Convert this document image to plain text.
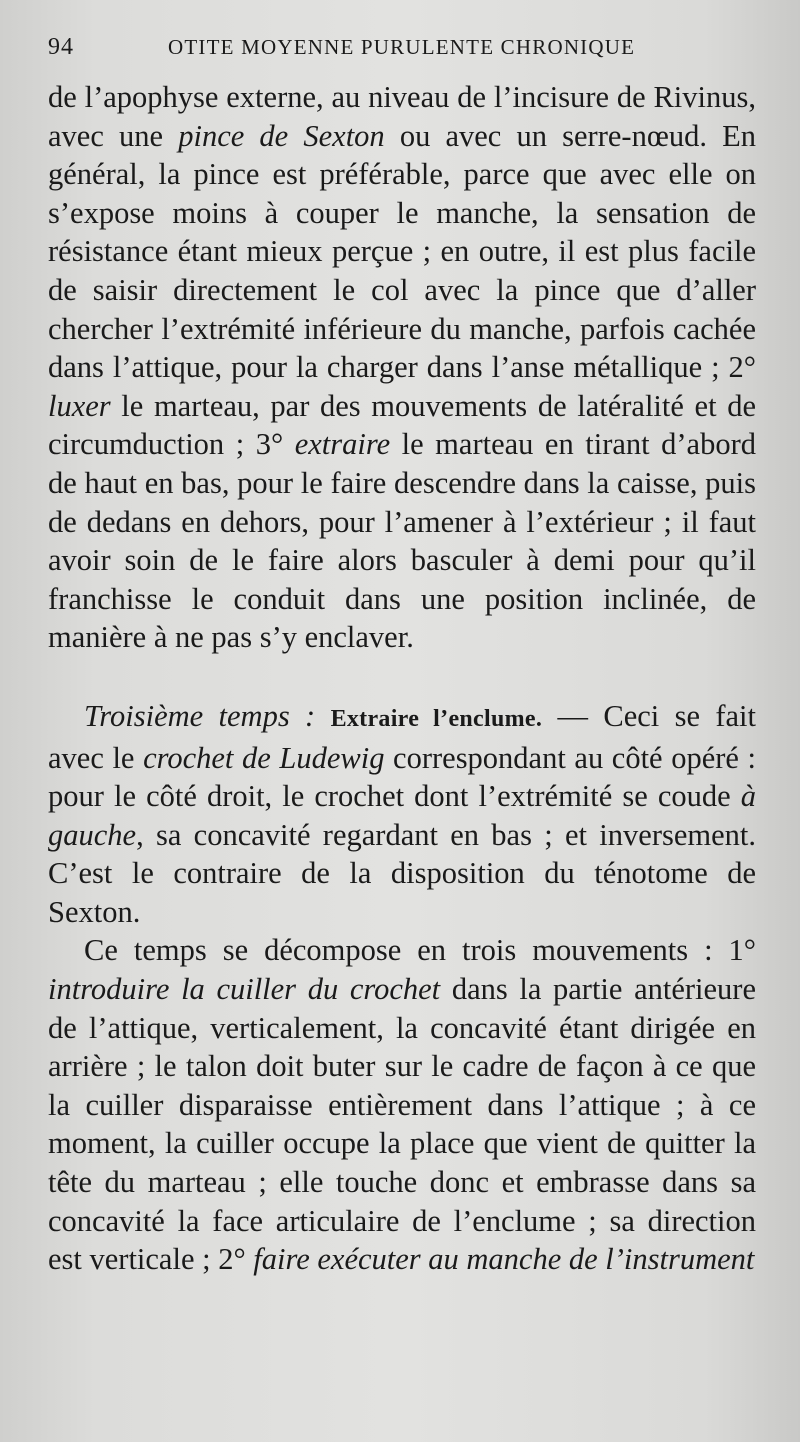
94	OTITE MOYENNE PURULENTE CHRONIQUE

de l’apophyse externe, au niveau de l’incisure de Rivinus, avec une pince de Sexton ou avec un serre-nœud. En général, la pince est préférable, parce que avec elle on s’expose moins à couper le manche, la sensation de résistance étant mieux perçue ; en outre, il est plus facile de saisir directement le col avec la pince que d’aller chercher l’extrémité inférieure du manche, parfois cachée dans l’attique, pour la charger dans l’anse métallique ; 2° luxer le marteau, par des mouvements de latéralité et de circumduction ; 3° extraire le marteau en tirant d’abord de haut en bas, pour le faire descendre dans la caisse, puis de dedans en dehors, pour l’amener à l’extérieur ; il faut avoir soin de le faire alors basculer à demi pour qu’il franchisse le conduit dans une position inclinée, de manière à ne pas s’y enclaver.

Troisième temps : Extraire l’enclume. — Ceci se fait avec le crochet de Ludewig correspondant au côté opéré : pour le côté droit, le crochet dont l’extrémité se coude à gauche, sa concavité regardant en bas ; et inversement. C’est le contraire de la disposition du ténotome de Sexton.

Ce temps se décompose en trois mouvements : 1° introduire la cuiller du crochet dans la partie antérieure de l’attique, verticalement, la concavité étant dirigée en arrière ; le talon doit buter sur le cadre de façon à ce que la cuiller disparaisse entièrement dans l’attique ; à ce moment, la cuiller occupe la place que vient de quitter la tête du marteau ; elle touche donc et embrasse dans sa concavité la face articulaire de l’enclume ; sa direction est verticale ; 2° faire exécuter au manche de l’instrument
